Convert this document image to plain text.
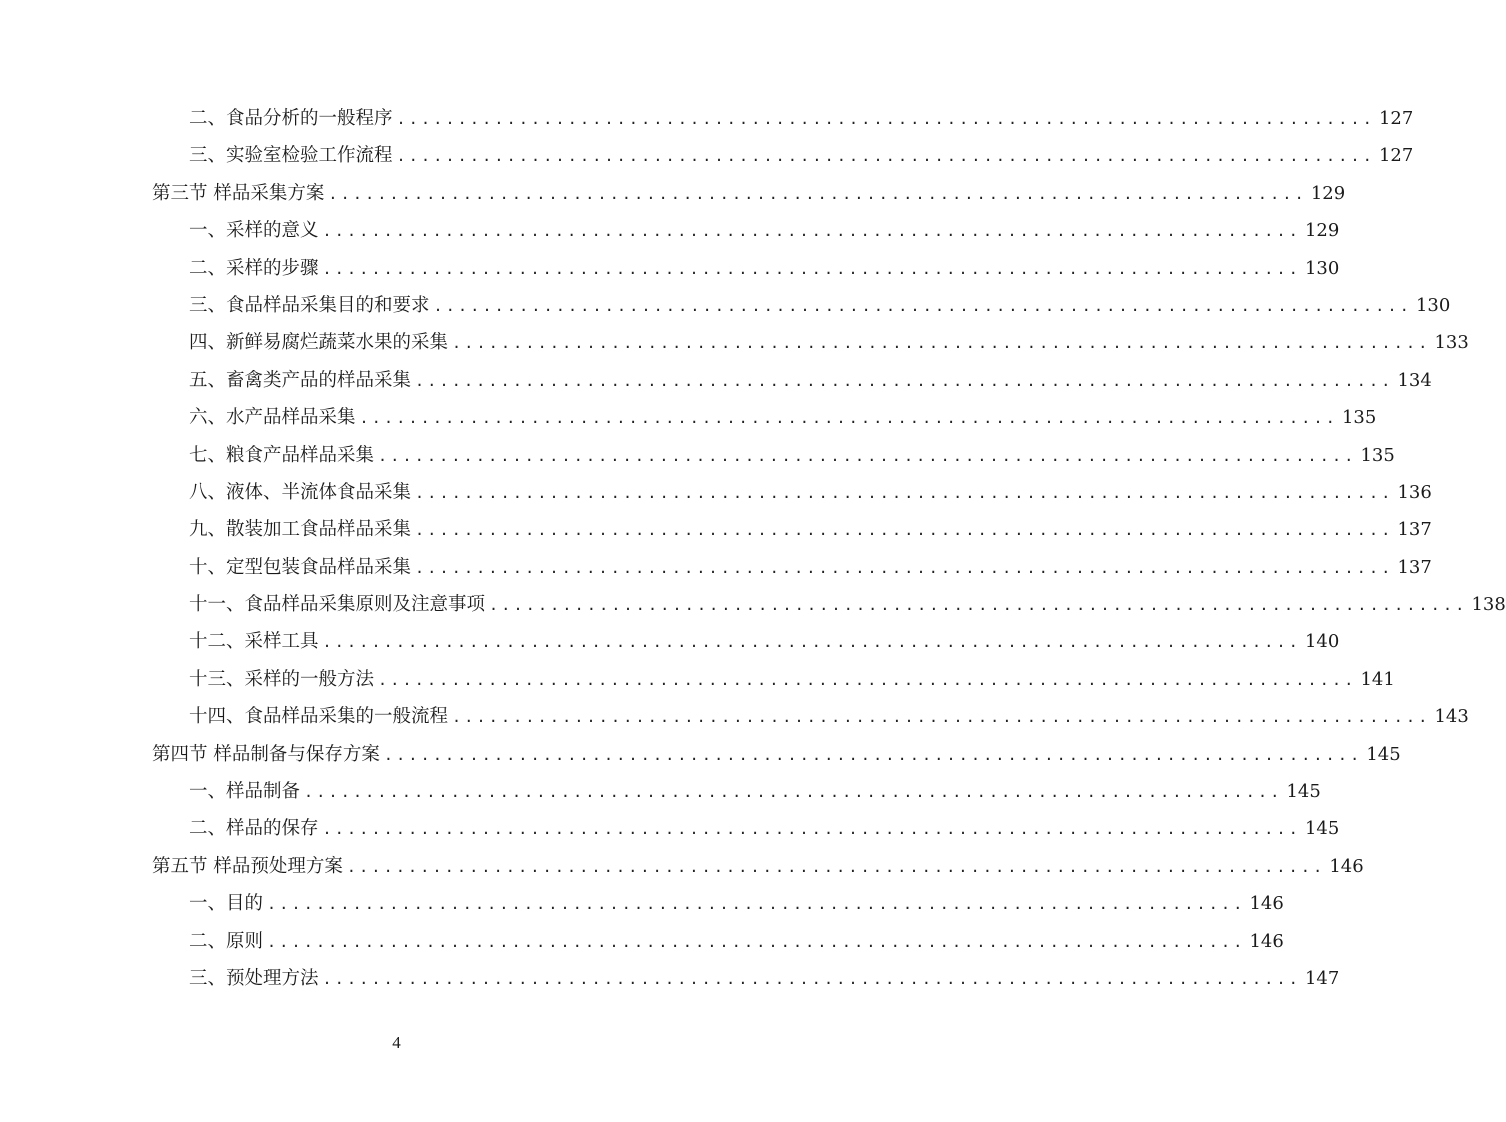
二、食品分析的一般程序 ................................................................................ 127
三、实验室检验工作流程 ................................................................................ 127
第三节 样品采集方案 ................................................................................ 129
一、采样的意义 ................................................................................ 129
二、采样的步骤 ................................................................................ 130
三、食品样品采集目的和要求 ................................................................................ 130
四、新鲜易腐烂蔬菜水果的采集 ................................................................................ 133
五、畜禽类产品的样品采集 ................................................................................ 134
六、水产品样品采集 ................................................................................ 135
七、粮食产品样品采集 ................................................................................ 135
八、液体、半流体食品采集 ................................................................................ 136
九、散装加工食品样品采集 ................................................................................ 137
十、定型包装食品样品采集 ................................................................................ 137
十一、食品样品采集原则及注意事项 ................................................................................ 138
十二、采样工具 ................................................................................ 140
十三、采样的一般方法 ................................................................................ 141
十四、食品样品采集的一般流程 ................................................................................ 143
第四节 样品制备与保存方案 ................................................................................ 145
一、样品制备 ................................................................................ 145
二、样品的保存 ................................................................................ 145
第五节 样品预处理方案 ................................................................................ 146
一、目的 ................................................................................ 146
二、原则 ................................................................................ 146
三、预处理方法 ................................................................................ 147
4
